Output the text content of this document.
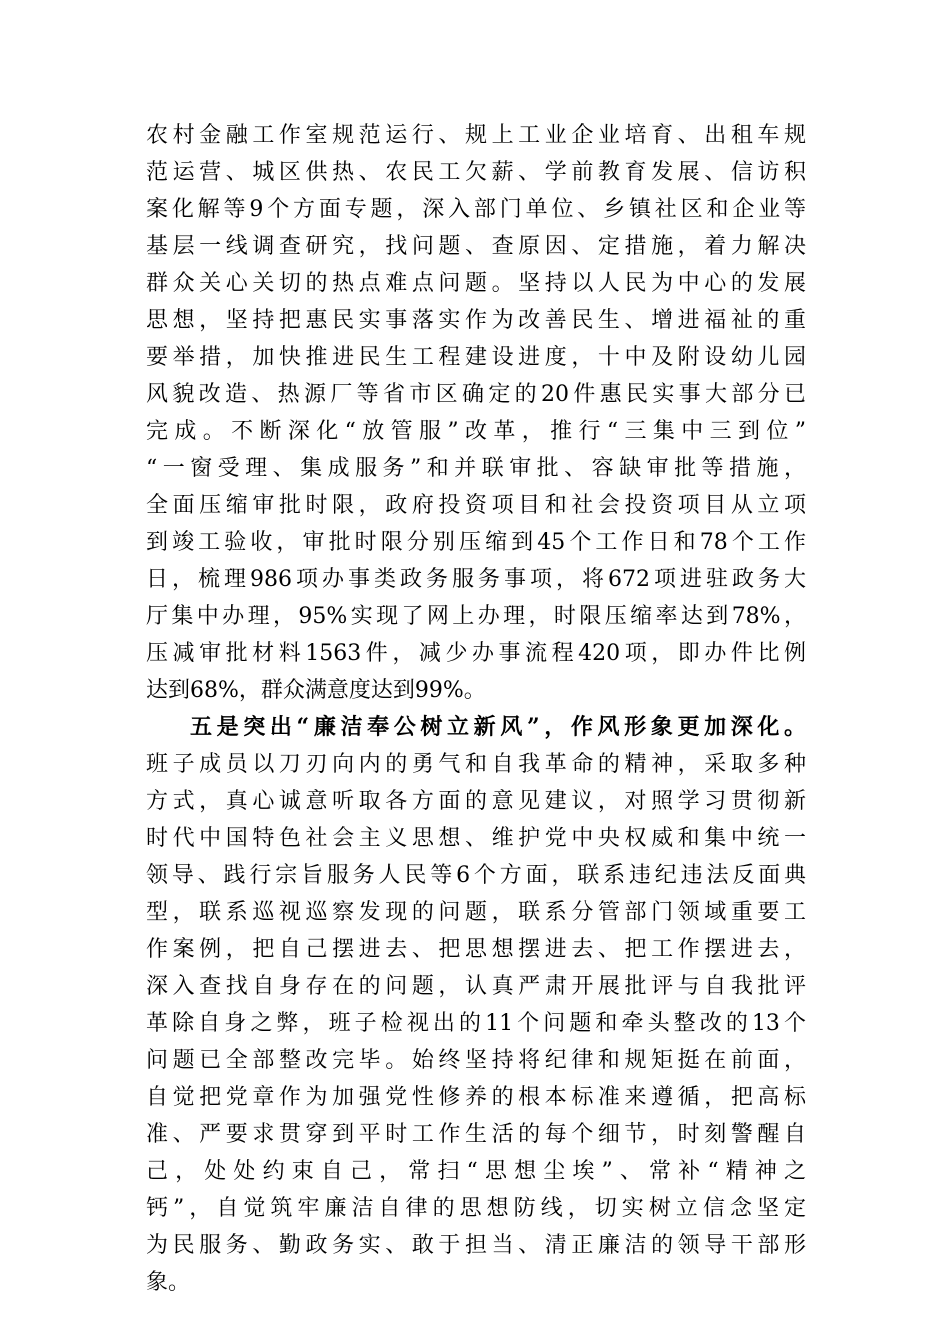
农村金融工作室规范运行、规上工业企业培育、出租车规
范运营、城区供热、农民工欠薪、学前教育发展、信访积
案化解等9个方面专题，深入部门单位、乡镇社区和企业等
基层一线调查研究，找问题、查原因、定措施，着力解决
群众关心关切的热点难点问题。坚持以人民为中心的发展
思想，坚持把惠民实事落实作为改善民生、增进福祉的重
要举措，加快推进民生工程建设进度，十中及附设幼儿园
风貌改造、热源厂等省市区确定的20件惠民实事大部分已
完成。不断深化“放管服”改革，推行“三集中三到位”
“一窗受理、集成服务”和并联审批、容缺审批等措施，
全面压缩审批时限，政府投资项目和社会投资项目从立项
到竣工验收，审批时限分别压缩到45个工作日和78个工作
日，梳理986项办事类政务服务事项，将672项进驻政务大
厅集中办理，95%实现了网上办理，时限压缩率达到78%，
压减审批材料1563件，减少办事流程420项，即办件比例
达到68%，群众满意度达到99%。
五是突出“廉洁奉公树立新风”，作风形象更加深化。
班子成员以刀刃向内的勇气和自我革命的精神，采取多种
方式，真心诚意听取各方面的意见建议，对照学习贯彻新
时代中国特色社会主义思想、维护党中央权威和集中统一
领导、践行宗旨服务人民等6个方面，联系违纪违法反面典
型，联系巡视巡察发现的问题，联系分管部门领域重要工
作案例，把自己摆进去、把思想摆进去、把工作摆进去，
深入查找自身存在的问题，认真严肃开展批评与自我批评
革除自身之弊，班子检视出的11个问题和牵头整改的13个
问题已全部整改完毕。始终坚持将纪律和规矩挺在前面，
自觉把党章作为加强党性修养的根本标准来遵循，把高标
准、严要求贯穿到平时工作生活的每个细节，时刻警醒自
己，处处约束自己，常扫“思想尘埃”、常补“精神之
钙”，自觉筑牢廉洁自律的思想防线，切实树立信念坚定
为民服务、勤政务实、敢于担当、清正廉洁的领导干部形
象。
